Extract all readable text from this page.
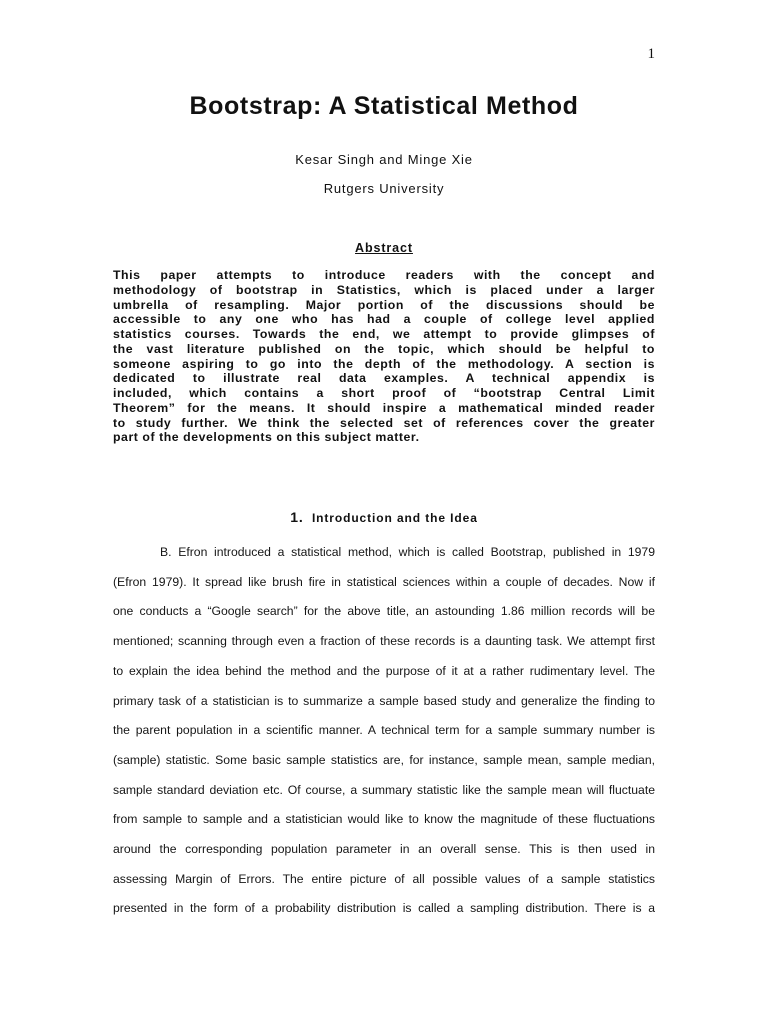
1
Bootstrap: A Statistical Method
Kesar Singh and Minge Xie
Rutgers University
Abstract
This paper attempts to introduce readers with the concept and
methodology of bootstrap in Statistics, which is placed under a larger
umbrella of resampling. Major portion of the discussions should be
accessible to any one who has had a couple of college level applied
statistics courses. Towards the end, we attempt to provide glimpses of
the vast literature published on the topic, which should be helpful to
someone aspiring to go into the depth of the methodology. A section is
dedicated to illustrate real data examples. A technical appendix is
included, which contains a short proof of “bootstrap Central Limit
Theorem” for the means. It should inspire a mathematical minded reader
to study further. We think the selected set of references cover the greater
part of the developments on this subject matter.
1. Introduction and the Idea
B. Efron introduced a statistical method, which is called Bootstrap, published in 1979
(Efron 1979). It spread like brush fire in statistical sciences within a couple of decades. Now if
one conducts a “Google search” for the above title, an astounding 1.86 million records will be
mentioned; scanning through even a fraction of these records is a daunting task. We attempt first
to explain the idea behind the method and the purpose of it at a rather rudimentary level. The
primary task of a statistician is to summarize a sample based study and generalize the finding to
the parent population in a scientific manner. A technical term for a sample summary number is
(sample) statistic. Some basic sample statistics are, for instance, sample mean, sample median,
sample standard deviation etc. Of course, a summary statistic like the sample mean will fluctuate
from sample to sample and a statistician would like to know the magnitude of these fluctuations
around the corresponding population parameter in an overall sense. This is then used in
assessing Margin of Errors. The entire picture of all possible values of a sample statistics
presented in the form of a probability distribution is called a sampling distribution. There is a
